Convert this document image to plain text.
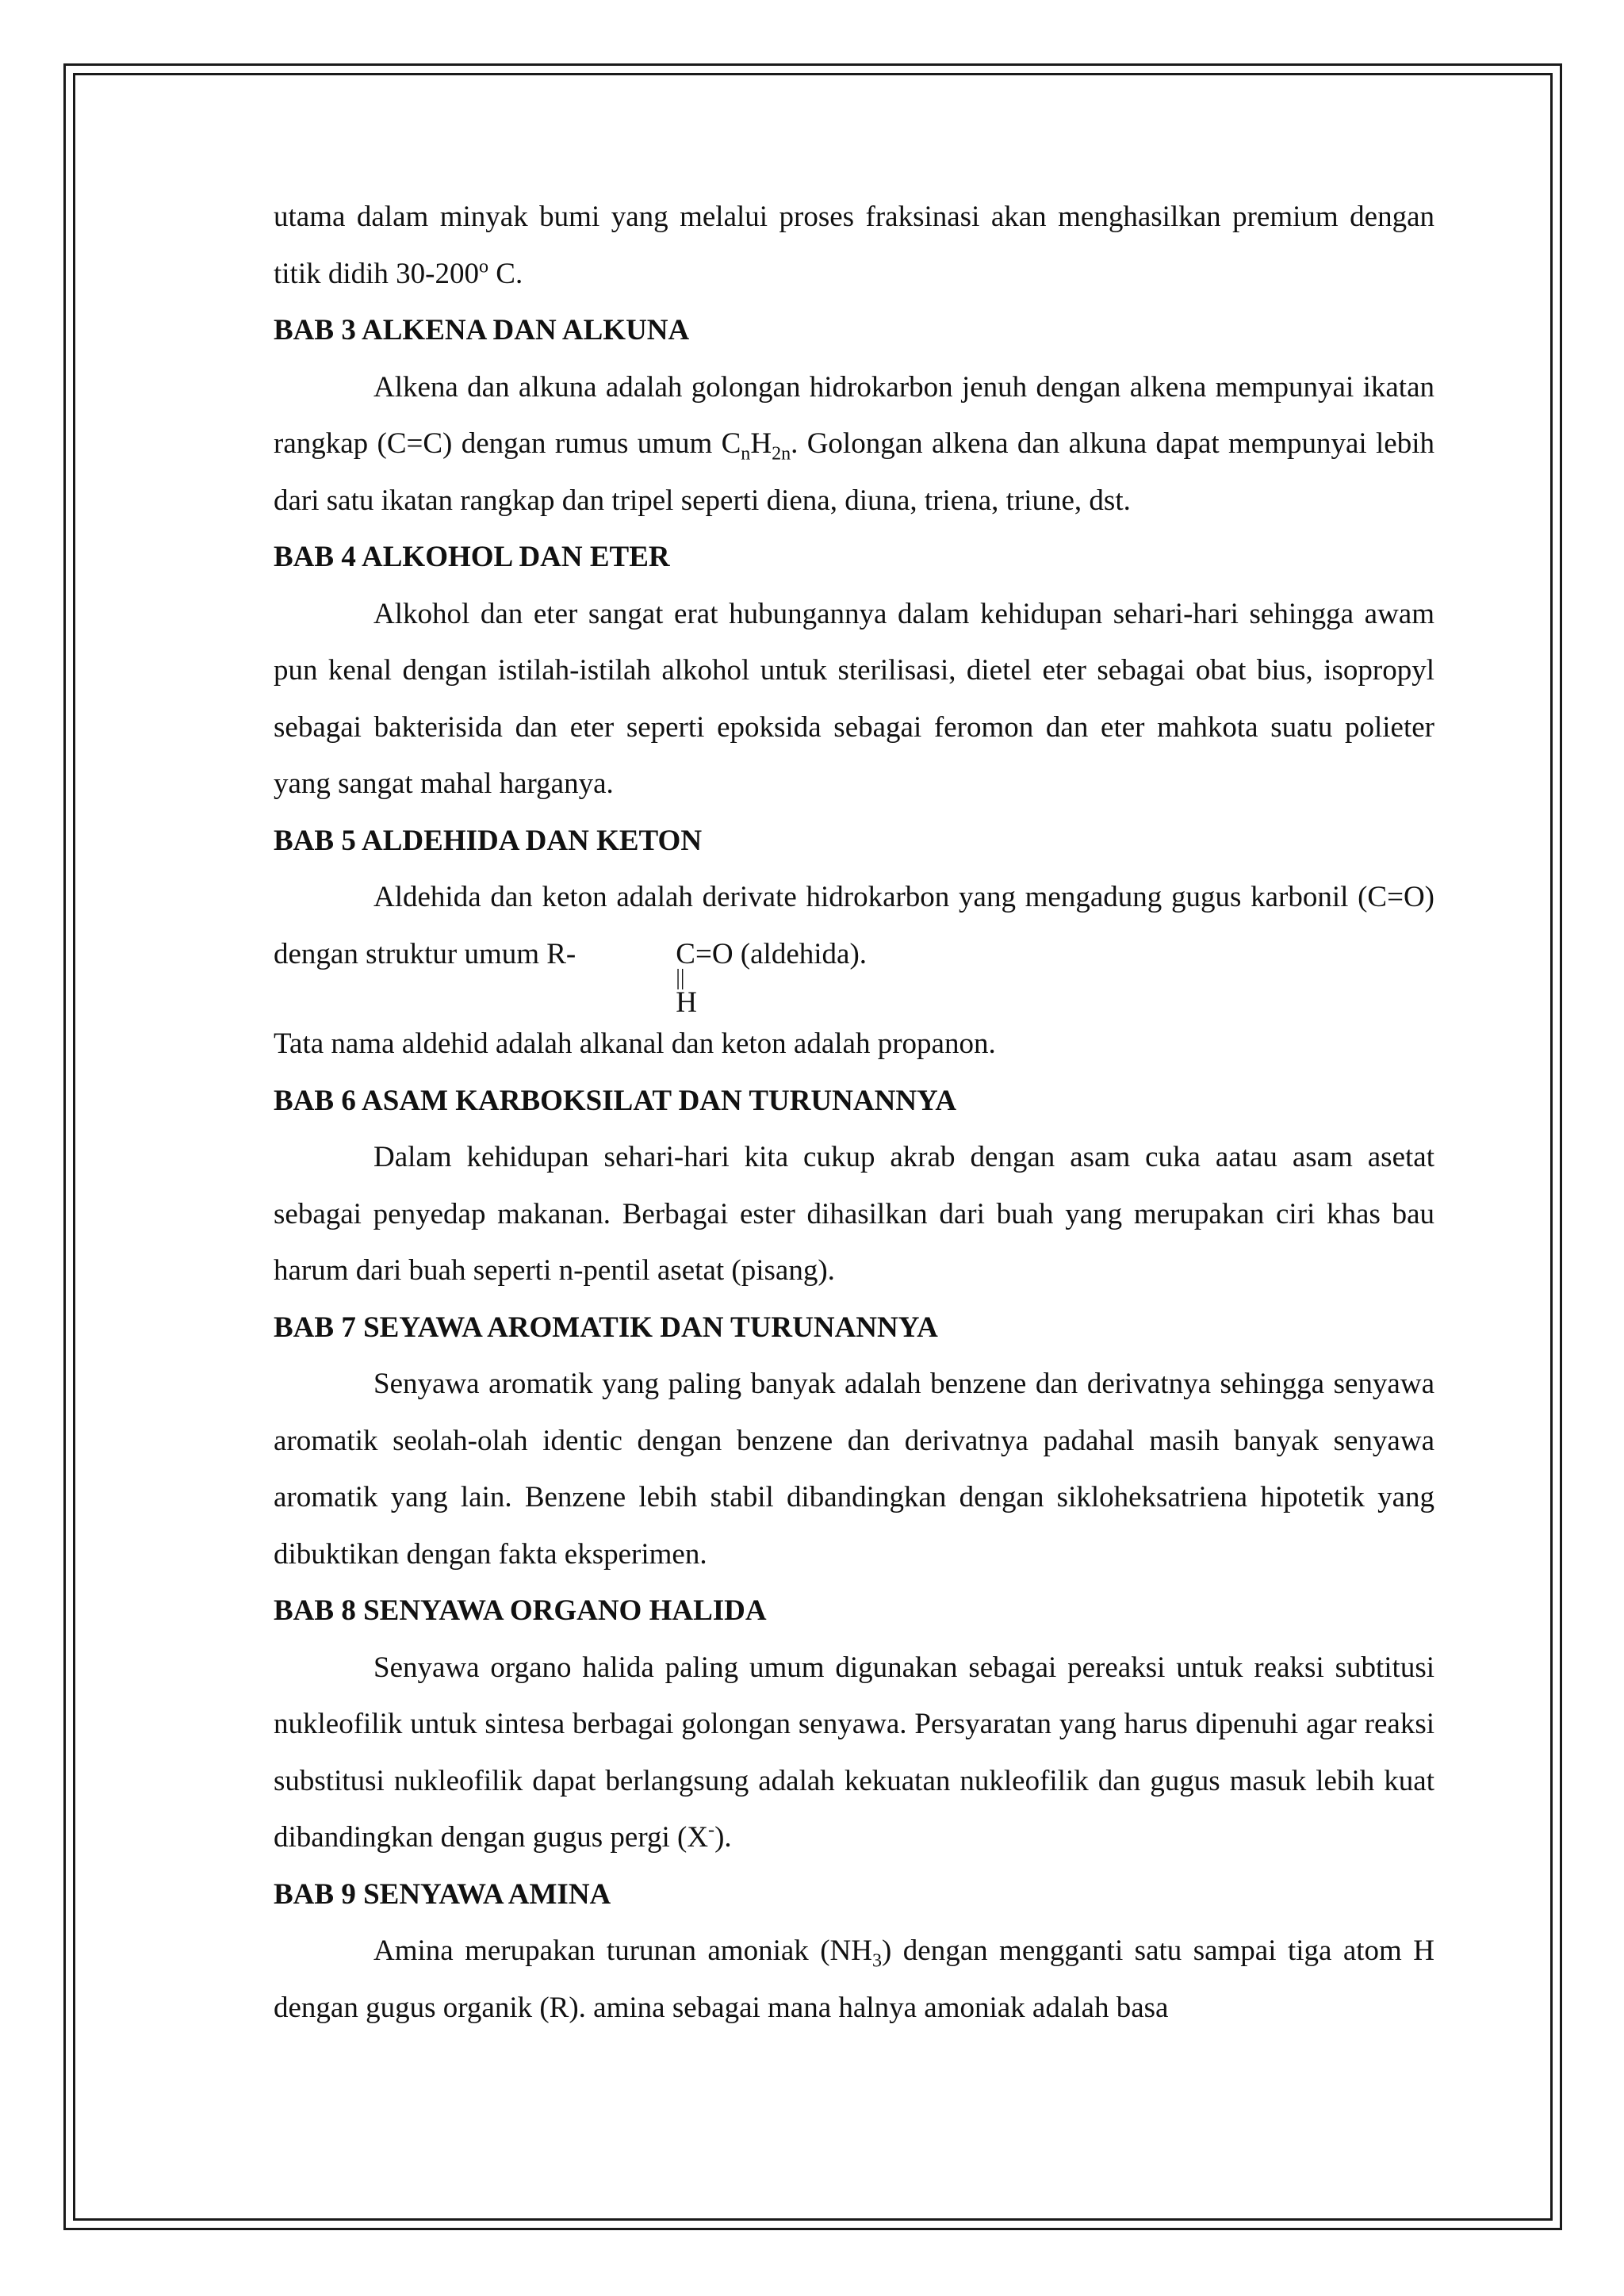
utama dalam minyak bumi yang melalui proses fraksinasi akan menghasilkan premium dengan titik didih 30-200$^o$ C.

BAB 3 ALKENA DAN ALKUNA

Alkena dan alkuna adalah golongan hidrokarbon jenuh dengan alkena mempunyai ikatan rangkap (C=C) dengan rumus umum $C_nH_{2n}$. Golongan alkena dan alkuna dapat mempunyai lebih dari satu ikatan rangkap dan tripel seperti diena, diuna, triena, triune, dst.

BAB 4 ALKOHOL DAN ETER

Alkohol dan eter sangat erat hubungannya dalam kehidupan sehari-hari sehingga awam pun kenal dengan istilah-istilah alkohol untuk sterilisasi, dietel eter sebagai obat bius, isopropyl sebagai bakterisida dan eter seperti epoksida sebagai feromon dan eter mahkota suatu polieter yang sangat mahal harganya.

BAB 5 ALDEHIDA DAN KETON

Aldehida dan keton adalah derivate hidrokarbon yang mengadung gugus karbonil (C=O) dengan struktur umum R-	C
||
H
=O (aldehida).

Tata nama aldehid adalah alkanal dan keton adalah propanon.

BAB 6 ASAM KARBOKSILAT DAN TURUNANNYA

Dalam kehidupan sehari-hari kita cukup akrab dengan asam cuka aatau asam asetat sebagai penyedap makanan. Berbagai ester dihasilkan dari buah yang merupakan ciri khas bau harum dari buah seperti n-pentil asetat (pisang).

BAB 7 SEYAWA AROMATIK DAN TURUNANNYA

Senyawa aromatik yang paling banyak adalah benzene dan derivatnya sehingga senyawa aromatik seolah-olah identic dengan benzene dan derivatnya padahal masih banyak senyawa aromatik yang lain. Benzene lebih stabil dibandingkan dengan sikloheksatriena hipotetik yang dibuktikan dengan fakta eksperimen.

BAB 8 SENYAWA ORGANO HALIDA

Senyawa organo halida paling umum digunakan sebagai pereaksi untuk reaksi subtitusi nukleofilik untuk sintesa berbagai golongan senyawa. Persyaratan yang harus dipenuhi agar reaksi substitusi nukleofilik dapat berlangsung adalah kekuatan nukleofilik dan gugus masuk lebih kuat dibandingkan dengan gugus pergi (X-).

BAB 9 SENYAWA AMINA

Amina merupakan turunan amoniak $(NH_3)$ dengan mengganti satu sampai tiga atom H dengan gugus organik (R). amina sebagai mana halnya amoniak adalah basa
